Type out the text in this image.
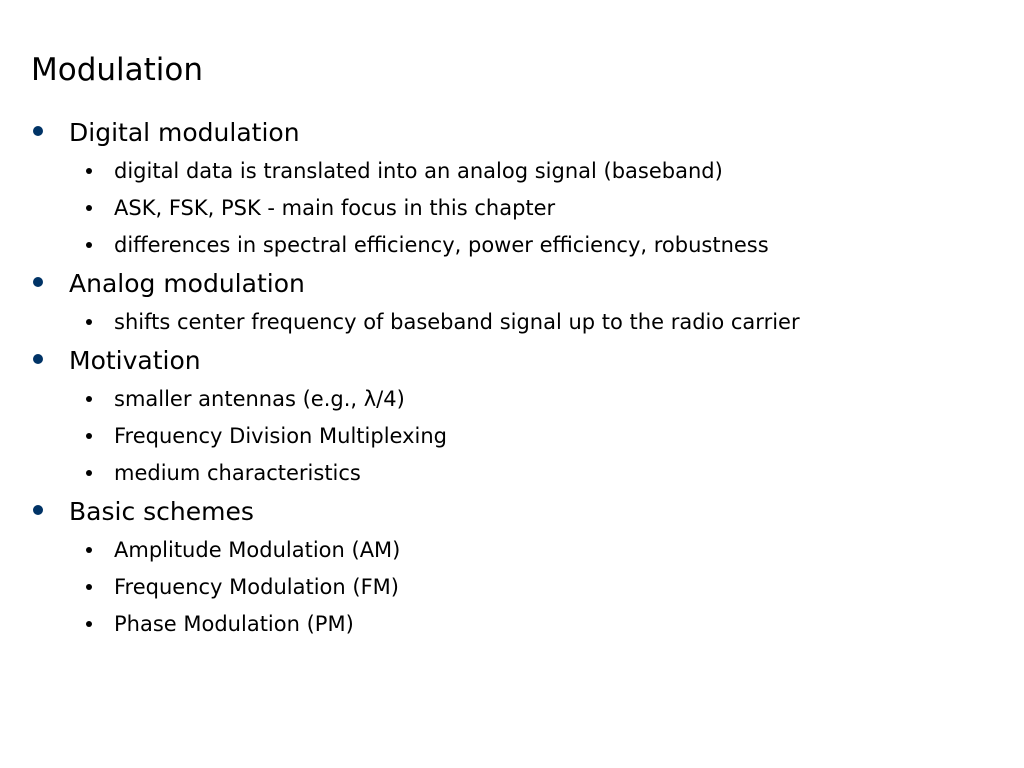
Modulation
Digital modulation
digital data is translated into an analog signal (baseband)
ASK, FSK, PSK - main focus in this chapter
differences in spectral efficiency, power efficiency, robustness
Analog modulation
shifts center frequency of baseband signal up to the radio carrier
Motivation
smaller antennas (e.g., λ/4)
Frequency Division Multiplexing
medium characteristics
Basic schemes
Amplitude Modulation (AM)
Frequency Modulation (FM)
Phase Modulation (PM)
